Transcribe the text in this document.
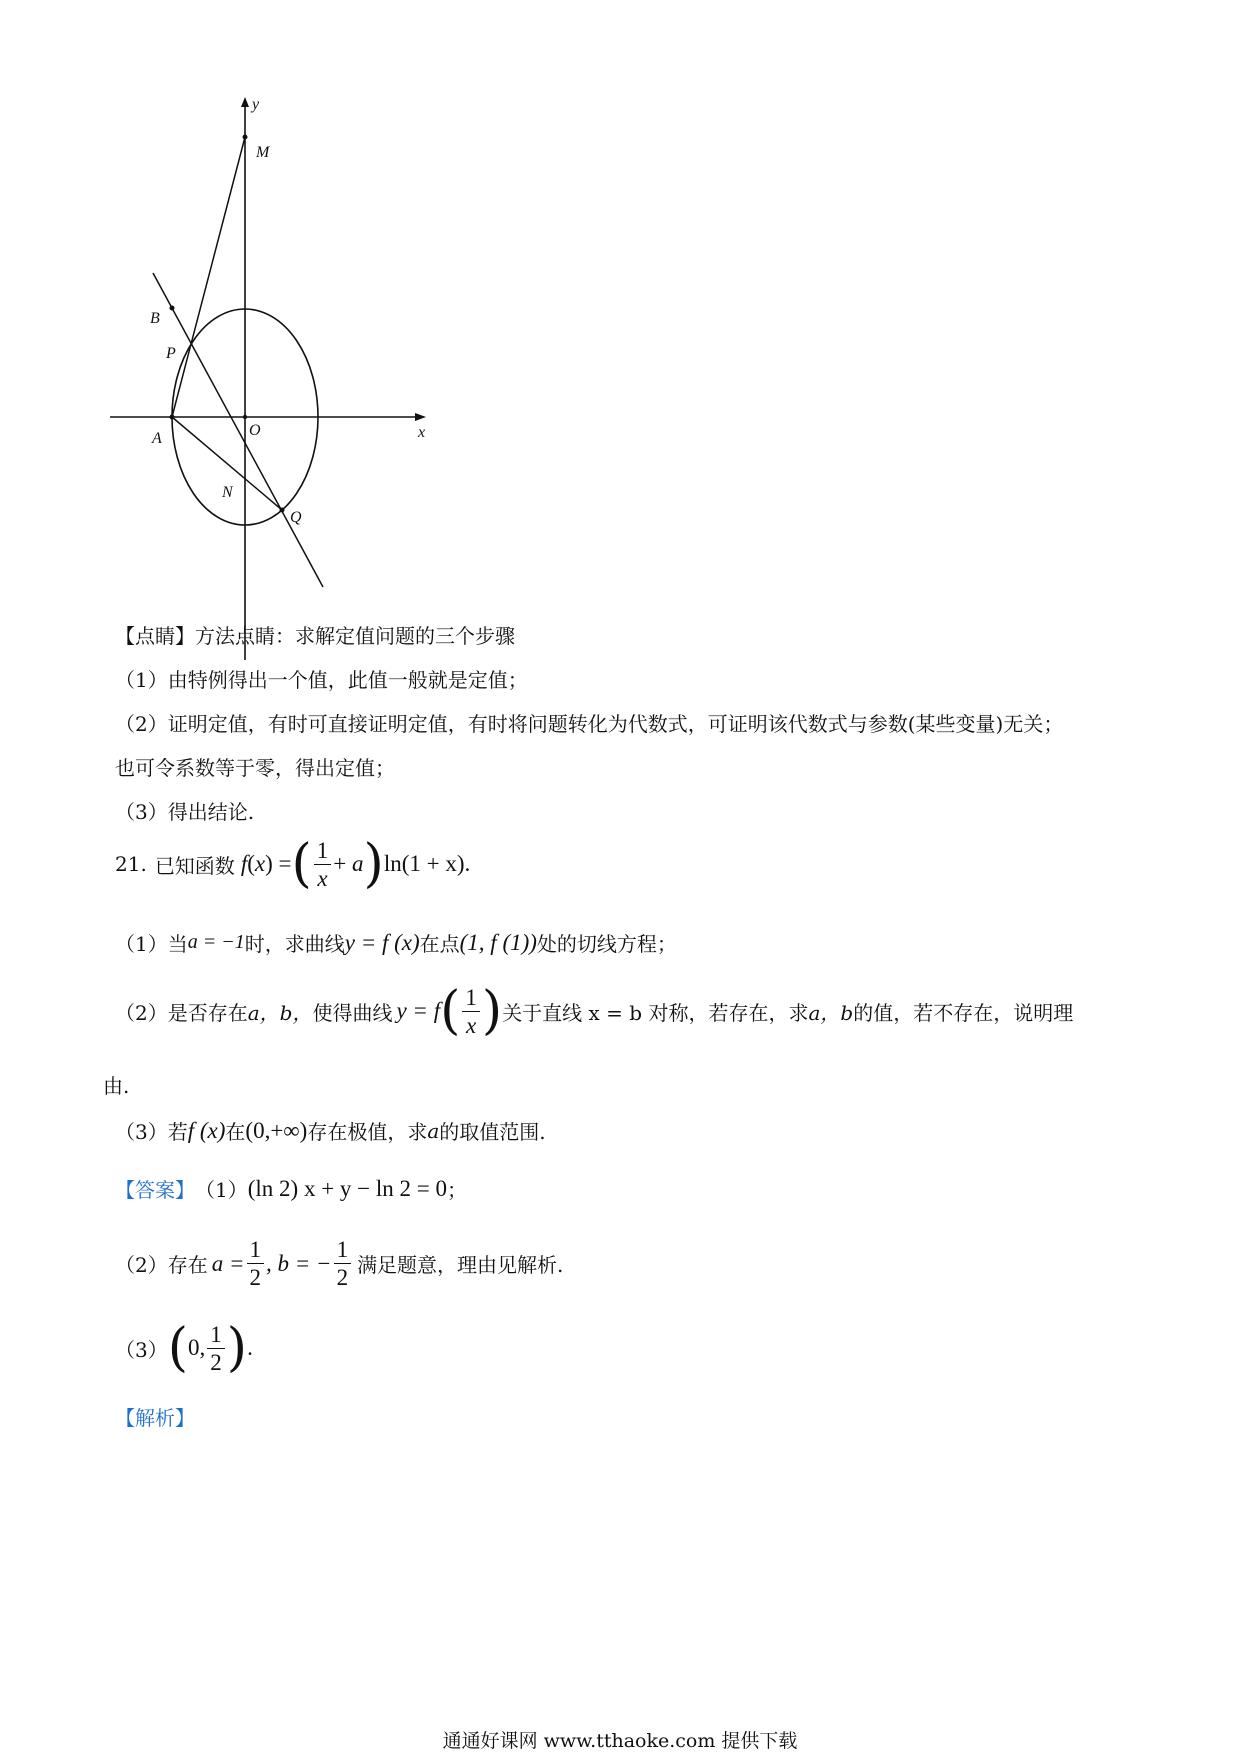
y
x
M
B
P
A	O
N
Q
【点睛】方法点睛：求解定值问题的三个步骤
（1）由特例得出一个值，此值一般就是定值；
（2）证明定值，有时可直接证明定值，有时将问题转化为代数式，可证明该代数式与参数(某些变量)无关；
也可令系数等于零，得出定值；
（3）得出结论.
21. 已知函数 f(x) = ( $\frac{1}{x} + a$ ) ln(1 + x) .
（1）当 a = −1 时，求曲线 y = f (x) 在点 (1, f (1)) 处的切线方程；
（2）是否存在 a，b， 使得曲线 y = f ( $\frac{1}{x}$ ) 关于直线 x = b 对称，若存在，求 a，b 的值，若不存在，说明理
由.
（3）若 f (x) 在 (0,+∞) 存在极值，求 a 的取值范围.
【答案】 （1） (ln 2) x + y − ln 2 = 0 ；
（2）存在 $a = \frac{1}{2}$ , b = − $\frac{1}{2}$ 满足题意，理由见解析.
（3） ( 0, $\frac{1}{2}$ ) .
【解析】
通通好课网 www.tthaoke.com 提供下载
